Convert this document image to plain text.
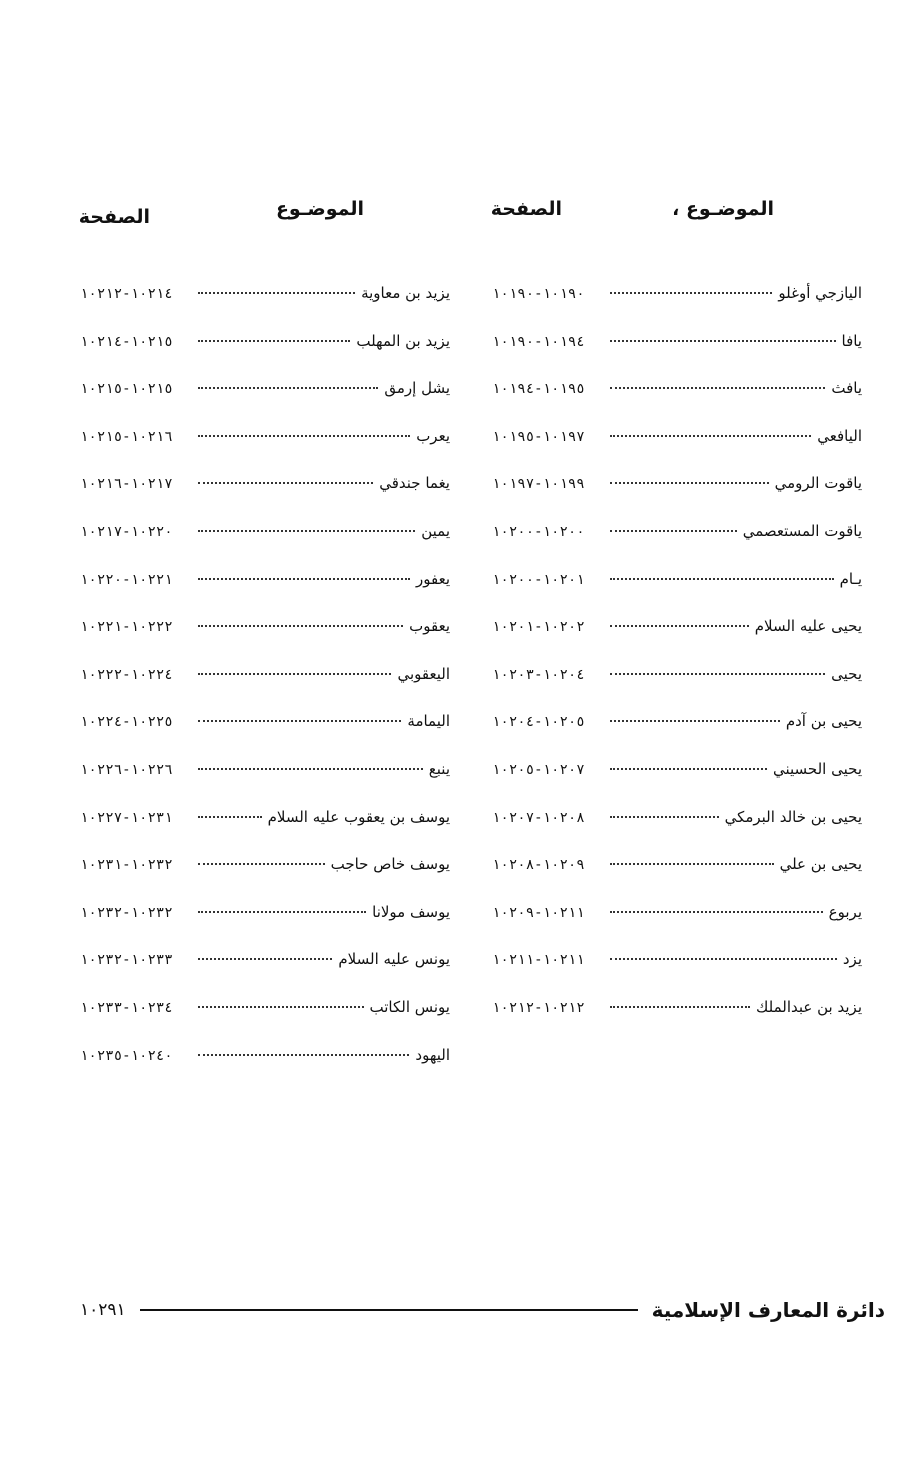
الموضـوع ،
الصفحة
اليازجي أوغلو
١٠١٩٠-١٠١٩٠
يافا
١٠١٩٤-١٠١٩٠
يافث
١٠١٩٥-١٠١٩٤
اليافعي
١٠١٩٧-١٠١٩٥
ياقوت الرومي
١٠١٩٩-١٠١٩٧
ياقوت المستعصمي
١٠٢٠٠-١٠٢٠٠
يـام
١٠٢٠١-١٠٢٠٠
يحيى عليه السلام
١٠٢٠٢-١٠٢٠١
يحيى
١٠٢٠٤-١٠٢٠٣
يحيى بن آدم
١٠٢٠٥-١٠٢٠٤
يحيى الحسيني
١٠٢٠٧-١٠٢٠٥
يحيى بن خالد البرمكي
١٠٢٠٨-١٠٢٠٧
يحيى بن علي
١٠٢٠٩-١٠٢٠٨
يربوع
١٠٢١١-١٠٢٠٩
يزد
١٠٢١١-١٠٢١١
يزيد بن عبدالملك
١٠٢١٢-١٠٢١٢
الموضـوع
الصفحة
يزيد بن معاوية
١٠٢١٤-١٠٢١٢
يزيد بن المهلب
١٠٢١٥-١٠٢١٤
يشل إرمق
١٠٢١٥-١٠٢١٥
يعرب
١٠٢١٦-١٠٢١٥
يغما جندقي
١٠٢١٧-١٠٢١٦
يمين
١٠٢٢٠-١٠٢١٧
يعفور
١٠٢٢١-١٠٢٢٠
يعقوب
١٠٢٢٢-١٠٢٢١
اليعقوبي
١٠٢٢٤-١٠٢٢٢
اليمامة
١٠٢٢٥-١٠٢٢٤
ينبع
١٠٢٢٦-١٠٢٢٦
يوسف بن يعقوب عليه السلام
١٠٢٣١-١٠٢٢٧
يوسف خاص حاجب
١٠٢٣٢-١٠٢٣١
يوسف مولانا
١٠٢٣٢-١٠٢٣٢
يونس عليه السلام
١٠٢٣٣-١٠٢٣٢
يونس الكاتب
١٠٢٣٤-١٠٢٣٣
اليهود
١٠٢٤٠-١٠٢٣٥
دائرة المعارف الإسلامية
١٠٢٩١
